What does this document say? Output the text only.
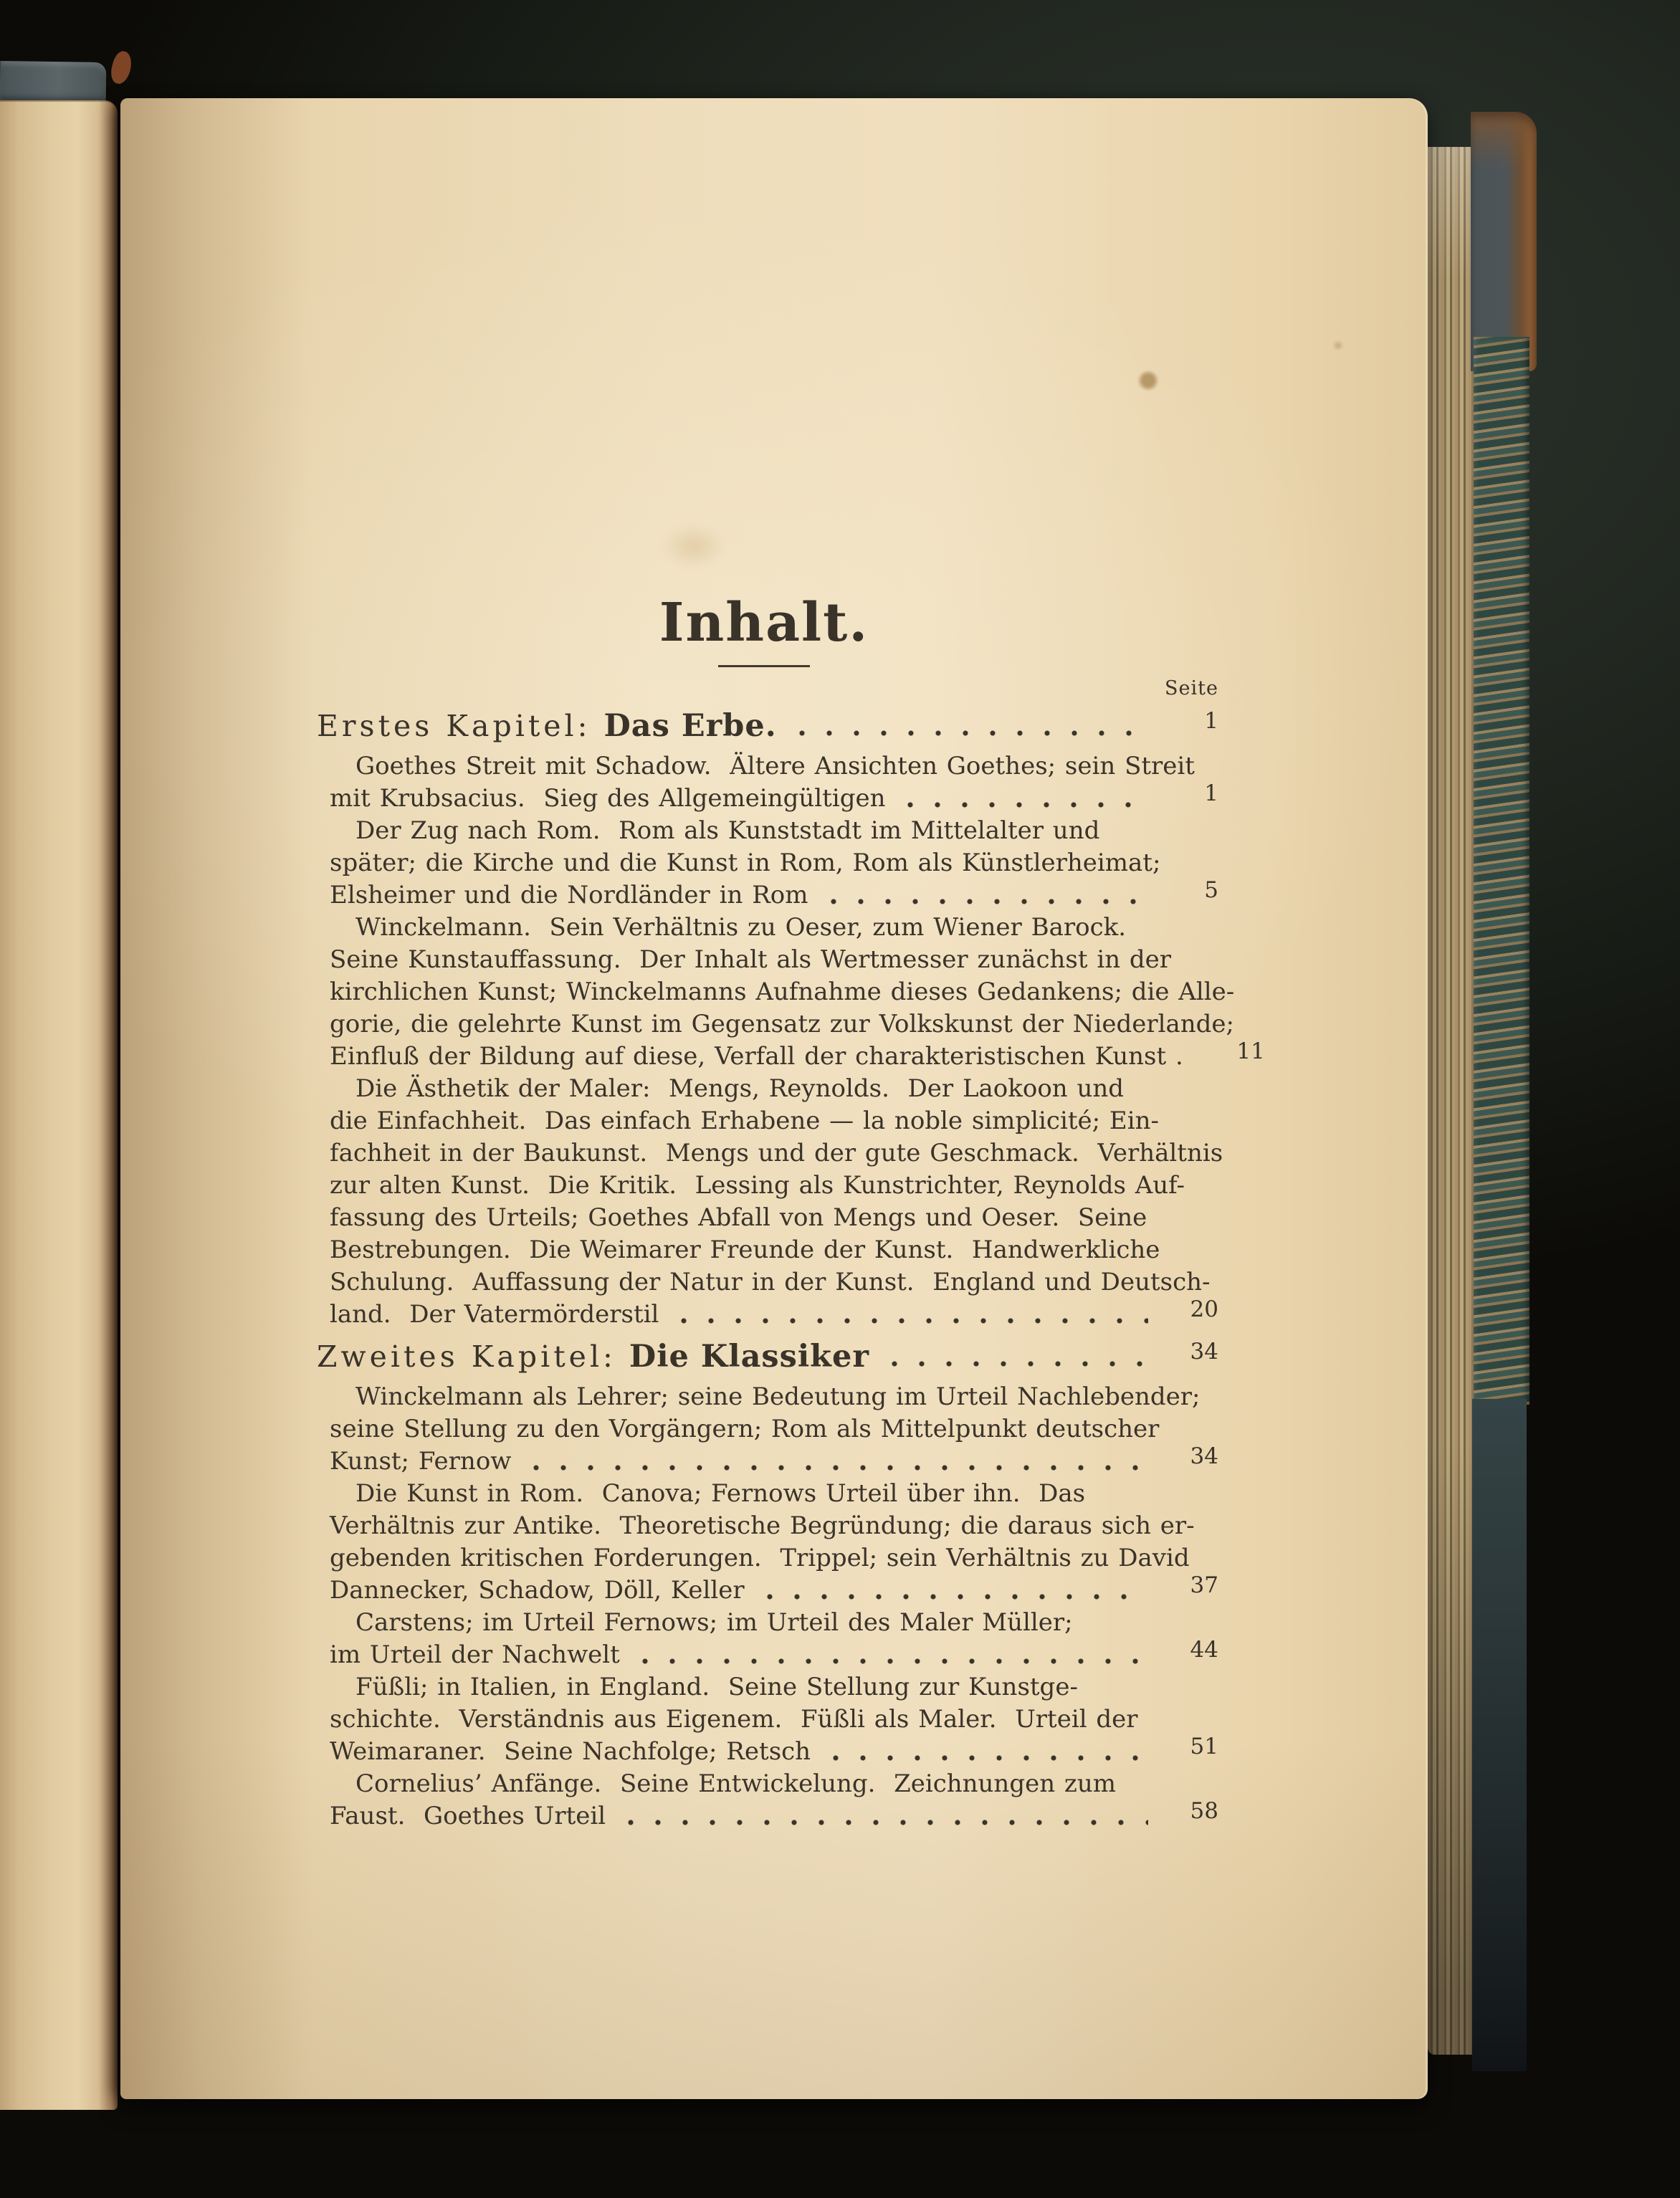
Inhalt.
Seite
Erstes Kapitel: Das Erbe.	1
Goethes Streit mit Schadow.  Ältere Ansichten Goethes; sein Streit
mit Krubsacius.  Sieg des Allgemeingültigen	1
Der Zug nach Rom.  Rom als Kunststadt im Mittelalter und
später; die Kirche und die Kunst in Rom, Rom als Künstlerheimat;
Elsheimer und die Nordländer in Rom	5
Winckelmann.  Sein Verhältnis zu Oeser, zum Wiener Barock.
Seine Kunstauffassung.  Der Inhalt als Wertmesser zunächst in der
kirchlichen Kunst; Winckelmanns Aufnahme dieses Gedankens; die Alle-
gorie, die gelehrte Kunst im Gegensatz zur Volkskunst der Niederlande;
Einfluß der Bildung auf diese, Verfall der charakteristischen Kunst .	11
Die Ästhetik der Maler:  Mengs, Reynolds.  Der Laokoon und
die Einfachheit.  Das einfach Erhabene — la noble simplicité; Ein-
fachheit in der Baukunst.  Mengs und der gute Geschmack.  Verhältnis
zur alten Kunst.  Die Kritik.  Lessing als Kunstrichter, Reynolds Auf-
fassung des Urteils; Goethes Abfall von Mengs und Oeser.  Seine
Bestrebungen.  Die Weimarer Freunde der Kunst.  Handwerkliche
Schulung.  Auffassung der Natur in der Kunst.  England und Deutsch-
land.  Der Vatermörderstil	20
Zweites Kapitel: Die Klassiker	34
Winckelmann als Lehrer; seine Bedeutung im Urteil Nachlebender;
seine Stellung zu den Vorgängern; Rom als Mittelpunkt deutscher
Kunst; Fernow	34
Die Kunst in Rom.  Canova; Fernows Urteil über ihn.  Das
Verhältnis zur Antike.  Theoretische Begründung; die daraus sich er-
gebenden kritischen Forderungen.  Trippel; sein Verhältnis zu David
Dannecker, Schadow, Döll, Keller	37
Carstens; im Urteil Fernows; im Urteil des Maler Müller;
im Urteil der Nachwelt	44
Füßli; in Italien, in England.  Seine Stellung zur Kunstge-
schichte.  Verständnis aus Eigenem.  Füßli als Maler.  Urteil der
Weimaraner.  Seine Nachfolge; Retsch	51
Cornelius’ Anfänge.  Seine Entwickelung.  Zeichnungen zum
Faust.  Goethes Urteil	58
